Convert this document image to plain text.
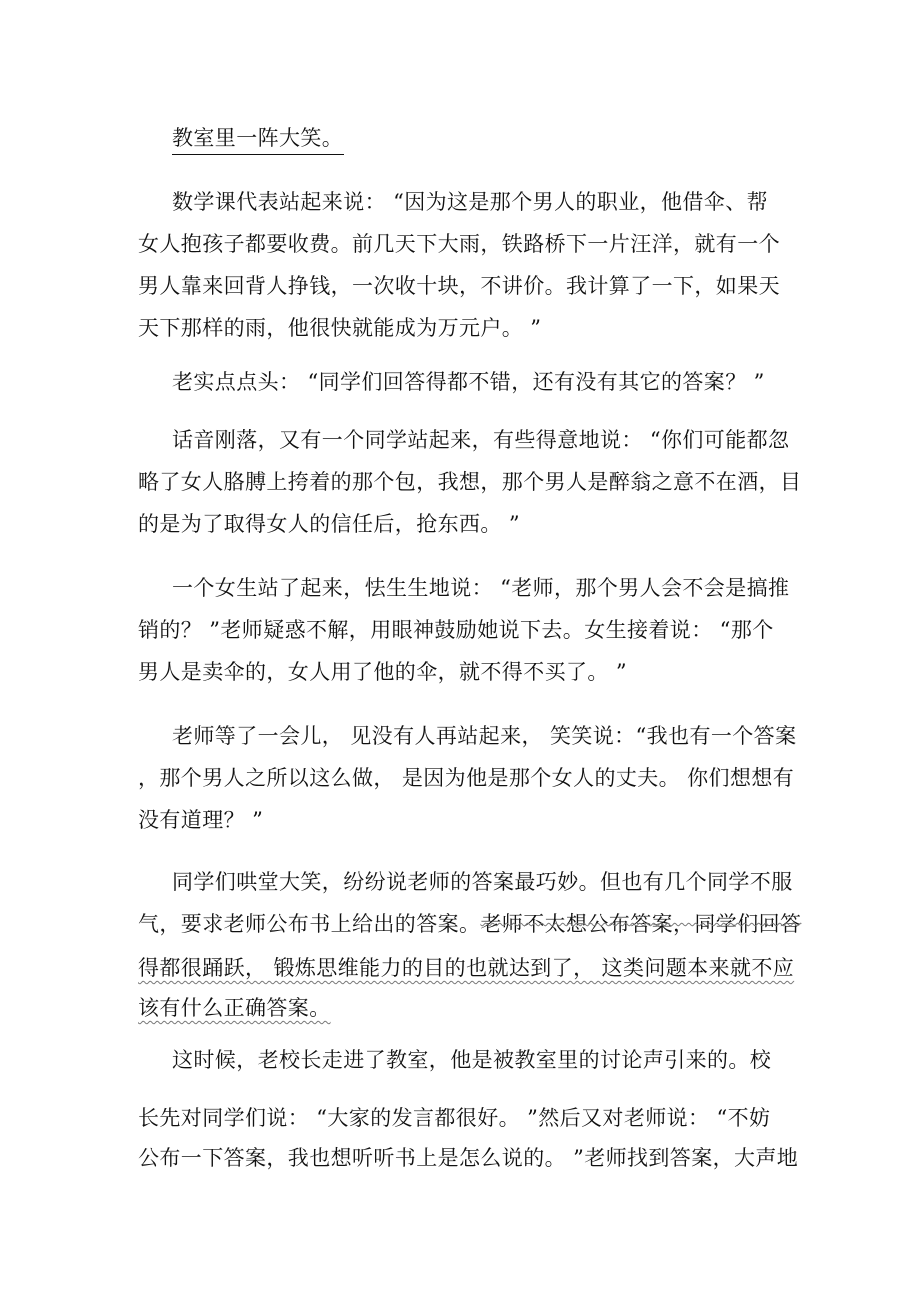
教室里一阵大笑。
数学课代表站起来说： “因为这是那个男人的职业，他借伞、帮
女人抱孩子都要收费。前几天下大雨，铁路桥下一片汪洋，就有一个
男人靠来回背人挣钱，一次收十块，不讲价。我计算了一下，如果天
天下那样的雨，他很快就能成为万元户。 ”
老实点点头： “同学们回答得都不错，还有没有其它的答案？ ”
话音刚落，又有一个同学站起来，有些得意地说： “你们可能都忽
略了女人胳膊上挎着的那个包，我想，那个男人是醉翁之意不在酒，目
的是为了取得女人的信任后，抢东西。 ”
一个女生站了起来，怯生生地说： “老师，那个男人会不会是搞推
销的？ ”老师疑惑不解，用眼神鼓励她说下去。女生接着说： “那个
男人是卖伞的，女人用了他的伞，就不得不买了。 ”
老师等了一会儿， 见没有人再站起来， 笑笑说：“我也有一个答案
，那个男人之所以这么做， 是因为他是那个女人的丈夫。 你们想想有
没有道理？ ”
同学们哄堂大笑，纷纷说老师的答案最巧妙。但也有几个同学不服
气，要求老师公布书上给出的答案。老师不太想公布答案，同学们回答
得都很踊跃， 锻炼思维能力的目的也就达到了， 这类问题本来就不应
该有什么正确答案。
这时候，老校长走进了教室，他是被教室里的讨论声引来的。校
长先对同学们说： “大家的发言都很好。 ”然后又对老师说： “不妨
公布一下答案，我也想听听书上是怎么说的。 ”老师找到答案，大声地
